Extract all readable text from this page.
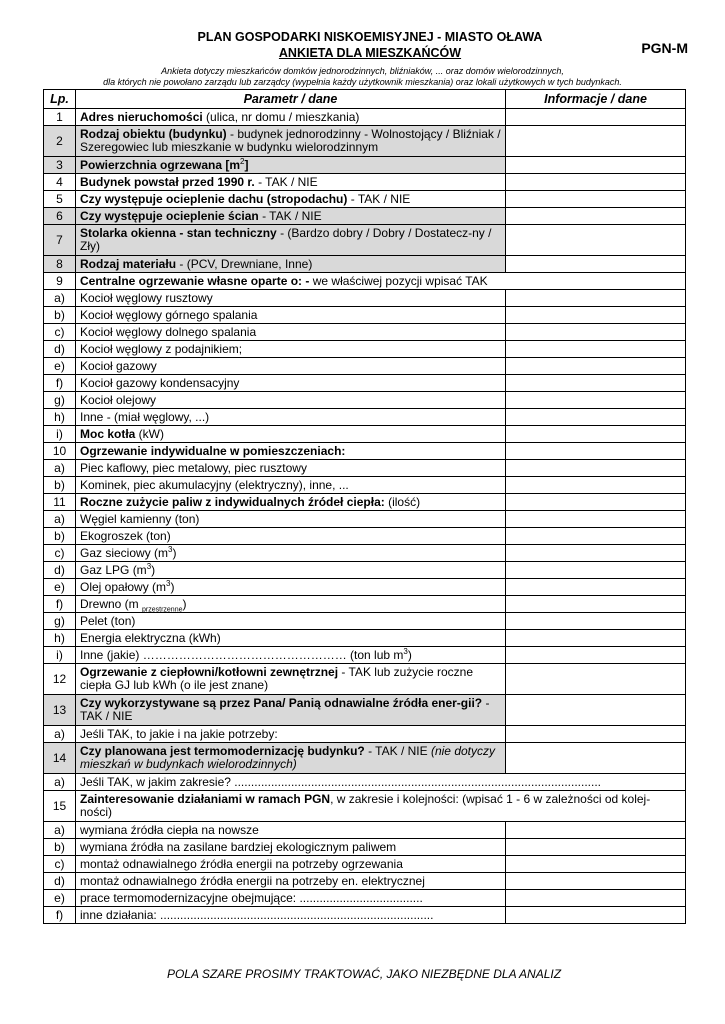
PLAN GOSPODARKI NISKOEMISYJNEJ - MIASTO OŁAWA
ANKIETA DLA MIESZKAŃCÓW	PGN-M
Ankieta dotyczy mieszkańców domków jednorodzinnych, bliźniaków, ... oraz domów wielorodzinnych,
dla których nie powołano zarządu lub zarządcy (wypełnia każdy użytkownik mieszkania) oraz lokali użytkowych w tych budynkach.
Lp.	Parametr / dane	Informacje / dane
1	Adres nieruchomości (ulica, nr domu / mieszkania)	
2	Rodzaj obiektu (budynku) - budynek jednorodzinny - Wolnostojący / Bliźniak / Szeregowiec lub mieszkanie w budynku wielorodzinnym	
3	Powierzchnia ogrzewana $[m^2]$	
4	Budynek powstał przed 1990 r. - TAK / NIE	
5	Czy występuje ocieplenie dachu (stropodachu) - TAK / NIE	
6	Czy występuje ocieplenie ścian - TAK / NIE	
7	Stolarka okienna - stan techniczny - (Bardzo dobry / Dobry / Dostatecz-ny / Zły)	
8	Rodzaj materiału - (PCV, Drewniane, Inne)	
9	Centralne ogrzewanie własne oparte o: - we właściwej pozycji wpisać TAK	
a)	Kocioł węglowy rusztowy	
b)	Kocioł węglowy górnego spalania	
c)	Kocioł węglowy dolnego spalania	
d)	Kocioł węglowy z podajnikiem;	
e)	Kocioł gazowy	
f)	Kocioł gazowy kondensacyjny	
g)	Kocioł olejowy	
h)	Inne - (miał węglowy, ...)	
i)	Moc kotła (kW)	
10	Ogrzewanie indywidualne w pomieszczeniach:	
a)	Piec kaflowy, piec metalowy, piec rusztowy	
b)	Kominek, piec akumulacyjny (elektryczny), inne, ...	
11	Roczne zużycie paliw z indywidualnych źródeł ciepła: (ilość)	
a)	Węgiel kamienny (ton)	
b)	Ekogroszek (ton)	
c)	Gaz sieciowy $(m^3)$	
d)	Gaz LPG $(m^3)$	
e)	Olej opałowy $(m^3)$	
f)	Drewno (m $_{przestrzenne}$)	
g)	Pelet (ton)	
h)	Energia elektryczna (kWh)	
i)	Inne (jakie) …………………………………………… (ton lub $m^3$)	
12	Ogrzewanie z ciepłowni/kotłowni zewnętrznej - TAK lub zużycie roczne ciepła GJ lub kWh (o ile jest znane)	
13	Czy wykorzystywane są przez Pana/ Panią odnawialne źródła ener-gii? - TAK / NIE	
a)	Jeśli TAK, to jakie i na jakie potrzeby:	
14	Czy planowana jest termomodernizację budynku? - TAK / NIE (nie dotyczy mieszkań w budynkach wielorodzinnych)	
a)	Jeśli TAK, w jakim zakresie? ..............................................................................................................	
15	Zainteresowanie działaniami w ramach PGN, w zakresie i kolejności: (wpisać 1 - 6 w zależności od kolej-ności)	
a)	wymiana źródła ciepła na nowsze	
b)	wymiana źródła na zasilane bardziej ekologicznym paliwem	
c)	montaż odnawialnego źródła energii na potrzeby ogrzewania	
d)	montaż odnawialnego źródła energii na potrzeby en. elektrycznej	
e)	prace termomodernizacyjne obejmujące: .....................................	
f)	inne działania: ..................................................................................	
POLA SZARE PROSIMY TRAKTOWAĆ, JAKO NIEZBĘDNE DLA ANALIZ
